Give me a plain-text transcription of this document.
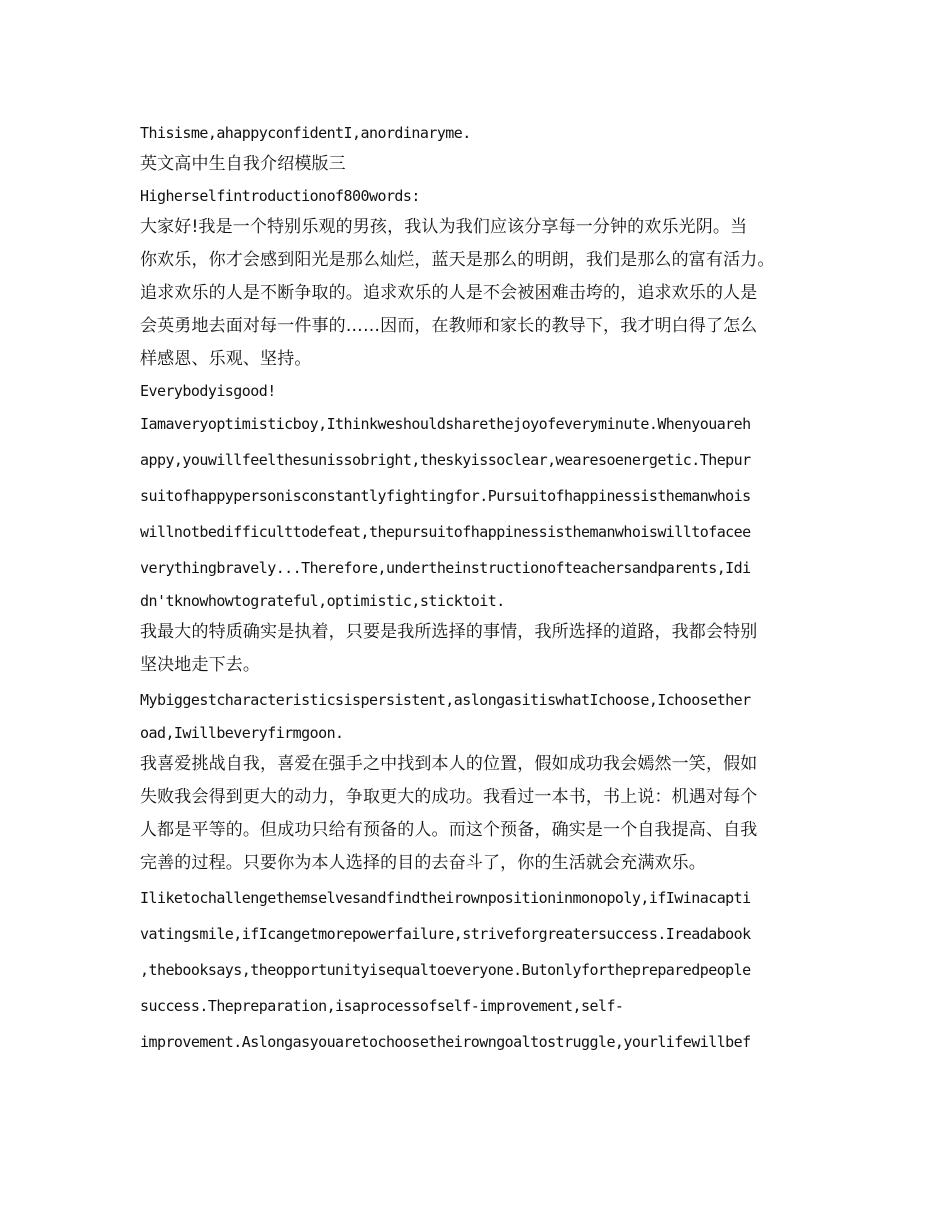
Thisisme,ahappyconfidentI,anordinaryme.

英文高中生自我介绍模版三

Higherselfintroductionof800words:

大家好!我是一个特别乐观的男孩，我认为我们应该分享每一分钟的欢乐光阴。当

你欢乐，你才会感到阳光是那么灿烂，蓝天是那么的明朗，我们是那么的富有活力。

追求欢乐的人是不断争取的。追求欢乐的人是不会被困难击垮的，追求欢乐的人是

会英勇地去面对每一件事的……因而，在教师和家长的教导下，我才明白得了怎么

样感恩、乐观、坚持。

Everybodyisgood!

Iamaveryoptimisticboy,Ithinkweshouldsharethejoyofeveryminute.Whenyouareh

appy,youwillfeelthesunissobright,theskyissoclear,wearesoenergetic.Thepur

suitofhappypersonisconstantlyfightingfor.Pursuitofhappinessisthemanwhois

willnotbedifficulttodefeat,thepursuitofhappinessisthemanwhoiswilltofacee

verythingbravely...Therefore,undertheinstructionofteachersandparents,Idi

dn'tknowhowtograteful,optimistic,sticktoit.

我最大的特质确实是执着，只要是我所选择的事情，我所选择的道路，我都会特别

坚决地走下去。

Mybiggestcharacteristicsispersistent,aslongasitiswhatIchoose,Ichoosether

oad,Iwillbeveryfirmgoon.

我喜爱挑战自我，喜爱在强手之中找到本人的位置，假如成功我会嫣然一笑，假如

失败我会得到更大的动力，争取更大的成功。我看过一本书，书上说：机遇对每个

人都是平等的。但成功只给有预备的人。而这个预备，确实是一个自我提高、自我

完善的过程。只要你为本人选择的目的去奋斗了，你的生活就会充满欢乐。

Iliketochallengethemselvesandfindtheirownpositioninmonopoly,ifIwinacapti

vatingsmile,ifIcangetmorepowerfailure,striveforgreatersuccess.Ireadabook

,thebooksays,theopportunityisequaltoeveryone.Butonlyforthepreparedpeople

success.Thepreparation,isaprocessofself-improvement,self-

improvement.Aslongasyouaretochoosetheirowngoaltostruggle,yourlifewillbef
